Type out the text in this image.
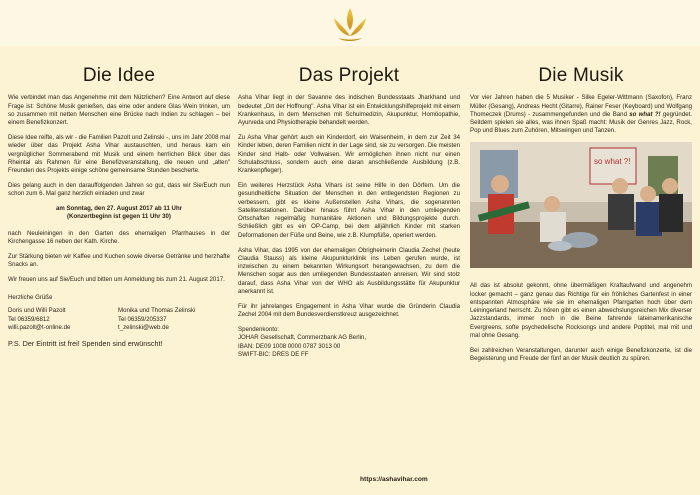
Die Idee

Wie verbindet man das Angenehme mit dem Nützlichen? Eine Antwort auf diese Frage ist: Schöne Musik genießen, das eine oder andere Glas Wein trinken, um so zusammen mit netten Menschen eine Brücke nach Indien zu schlagen – bei einem Benefizkonzert.

Diese Idee reifte, als wir - die Familien Pazolt und Zelinski -, uns im Jahr 2008 mal wieder über das Projekt Asha Vihar austauschten, und heraus kam ein vergnüglicher Sommerabend mit Musik und einem herrlichen Blick über das Rheintal als Rahmen für eine Benefizveranstaltung, die neuen und „alten" Freunden des Projekts einige schöne gemeinsame Stunden bescherte.

Dies gelang auch in den darauffolgenden Jahren so gut, dass wir Sie/Euch nun schon zum 6. Mal ganz herzlich einladen und zwar

am Sonntag, den 27. August 2017 ab 11 Uhr
(Konzertbeginn ist gegen 11 Uhr 30)

nach Neuleiningen in den Garten des ehemaligen Pfarrhauses in der Kirchengasse 16 neben der Kath. Kirche.

Zur Stärkung bieten wir Kaffee und Kuchen sowie diverse Getränke und herzhafte Snacks an.

Wir freuen uns auf Sie/Euch und bitten um Anmeldung bis zum 21. August 2017.

Herzliche Grüße
Doris und Willi Pazolt
Tel 06359/6812
willi.pazolt@t-online.de
Monika und Thomas Zelinski
Tel 06359/205337
t_zelinski@web.de
P.S. Der Eintritt ist frei! Spenden sind erwünscht!
Das Projekt

Asha Vihar liegt in der Savanne des indischen Bundesstaats Jharkhand und bedeutet „Ort der Hoffnung". Asha Vihar ist ein Entwicklungshilfeprojekt mit einem Krankenhaus, in dem Menschen mit Schulmedizin, Akupunktur, Homöopathie, Ayurveda und Physiotherapie behandelt werden.

Zu Asha Vihar gehört auch ein Kinderdorf, ein Waisenheim, in dem zur Zeit 34 Kinder leben, deren Familien nicht in der Lage sind, sie zu versorgen. Die meisten Kinder sind Halb- oder Vollwaisen. Wir ermöglichen ihnen nicht nur einen Schulabschluss, sondern auch eine daran anschließende Ausbildung (z.B. Krankenpfleger).

Ein weiteres Herzstück Asha Vihars ist seine Hilfe in den Dörfern. Um die gesundheitliche Situation der Menschen in den entlegendsten Regionen zu verbessern, gibt es kleine Außenstellen Asha Vihars, die sogenannten Satelitenstationen. Darüber hinaus führt Asha Vihar in den umliegenden Ortschaften regelmäßig humanitäre Aktionen und Bildungsprojekte durch. Schließlich gibt es ein OP-Camp, bei dem alljährlich Kinder mit starken Deformationen der Füße und Beine, wie z.B. Klumpfüße, operiert werden.

Asha Vihar, das 1995 von der ehemaligen Obrigheimerin Claudia Zechel (heute Claudia Stauss) als kleine Akupunkturklinik ins Leben gerufen wurde, ist inzwischen zu einem bekannten Wirkungsort herangewachsen, zu dem die Menschen sogar aus den umliegenden Bundesstaaten anreisen. Wir sind stolz darauf, dass Asha Vihar von der WHO als Ausbildungsstätte für Akupunktur anerkannt ist.

Für ihr jahrelanges Engagement in Asha Vihar wurde die Gründerin Claudia Zechel 2004 mit dem Bundesverdienstkreuz ausgezeichnet.

Spendenkonto:
JOHAR Gesellschaft, Commerzbank AG Berlin,
IBAN: DE09 1008 0000 0787 3013 00
SWIFT-BIC: DRES DE FF
https://ashavihar.com
Die Musik

Vor vier Jahren haben die 5 Musiker - Silke Egeler-Wittmann (Saxofon), Franz Müller (Gesang), Andreas Hecht (Gitarre), Rainer Feser (Keyboard) und Wolfgang Thomeczek (Drums) - zusammengefunden und die Band so what ?! gegründet. Seitdem spielen sie alles, was ihnen Spaß macht: Musik der Genres Jazz, Rock, Pop und Blues zum Zuhören, Mitswingen und Tanzen.

so what ?!

All das ist absolut gekonnt, ohne übermäßigen Kraftaufwand und angenehm locker gemacht – ganz genau das Richtige für ein fröhliches Gartenfest in einer entspannten Atmosphäre wie sie im ehemaligen Pfarrgarten hoch über dem Leiningerland herrscht. Zu hören gibt es einen abwechslungsreichen Mix diverser Jazzstandards, immer noch in die Beine fahrende lateinamerikanische Evergreens, softe psychedelische Rocksongs und andere Poptitel, mal mit und mal ohne Gesang.

Bei zahlreichen Veranstaltungen, darunter auch einige Benefizkonzerte, ist die Begeisterung und Freude der fünf an der Musik deutlich zu spüren.
